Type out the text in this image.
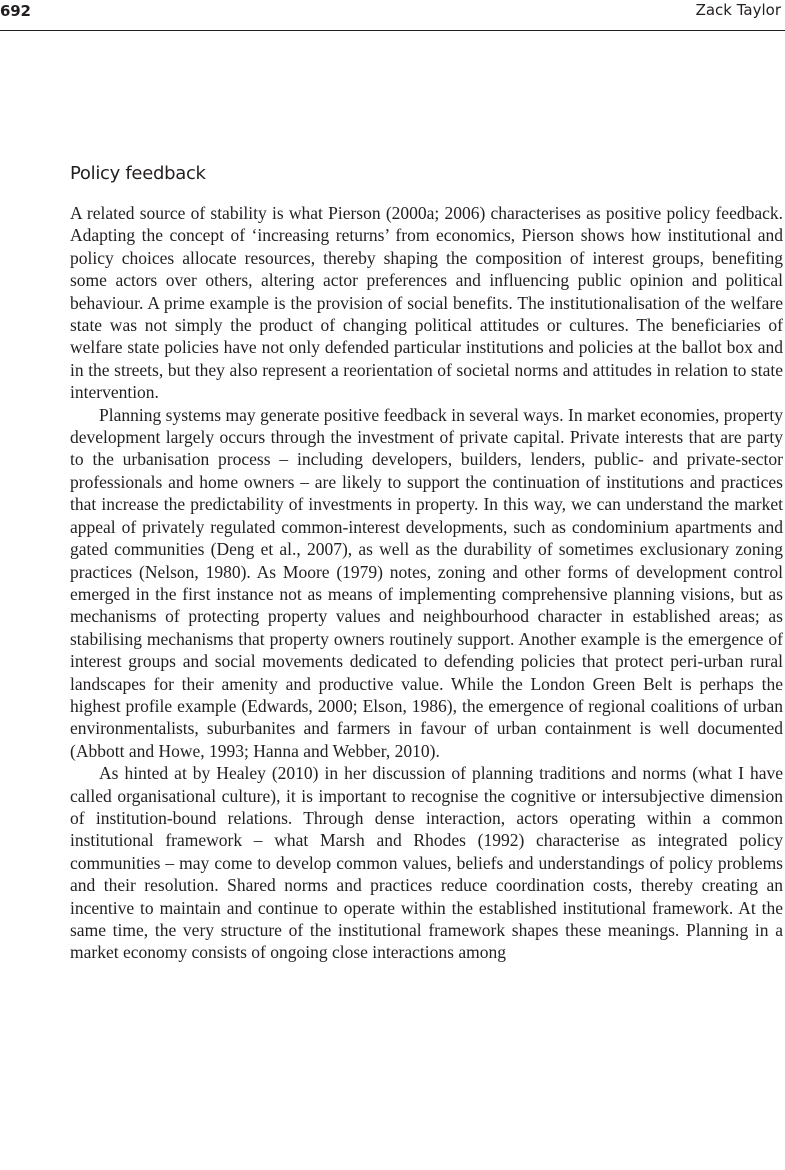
692	Zack Taylor
Policy feedback

A related source of stability is what Pierson (2000a; 2006) characterises as positive policy feedback. Adapting the concept of ‘increasing returns’ from economics, Pierson shows how institutional and policy choices allocate resources, thereby shaping the composition of interest groups, benefiting some actors over others, altering actor preferences and influencing public opinion and political behaviour. A prime example is the provision of social benefits. The institutionalisation of the welfare state was not simply the product of changing political attitudes or cultures. The beneficiaries of welfare state policies have not only defended particular institutions and policies at the ballot box and in the streets, but they also represent a reorientation of societal norms and attitudes in relation to state intervention.

Planning systems may generate positive feedback in several ways. In market economies, property development largely occurs through the investment of private capital. Private interests that are party to the urbanisation process – including developers, builders, lenders, public- and private-sector professionals and home owners – are likely to support the continuation of institutions and practices that increase the predictability of investments in property. In this way, we can understand the market appeal of privately regulated common-interest developments, such as condominium apartments and gated communities (Deng et al., 2007), as well as the durability of sometimes exclusionary zoning practices (Nelson, 1980). As Moore (1979) notes, zoning and other forms of development control emerged in the first instance not as means of implementing comprehensive planning visions, but as mechanisms of protecting property values and neighbourhood character in established areas; as stabilising mechanisms that property owners routinely support. Another example is the emergence of interest groups and social movements dedicated to defending policies that protect peri-urban rural landscapes for their amenity and productive value. While the London Green Belt is perhaps the highest profile example (Edwards, 2000; Elson, 1986), the emergence of regional coalitions of urban environmentalists, suburbanites and farmers in favour of urban containment is well documented (Abbott and Howe, 1993; Hanna and Webber, 2010).

As hinted at by Healey (2010) in her discussion of planning traditions and norms (what I have called organisational culture), it is important to recognise the cognitive or intersubjective dimension of institution-bound relations. Through dense interaction, actors operating within a common institutional framework – what Marsh and Rhodes (1992) characterise as integrated policy communities – may come to develop common values, beliefs and understandings of policy problems and their resolution. Shared norms and practices reduce coordination costs, thereby creating an incentive to maintain and continue to operate within the established institutional framework. At the same time, the very structure of the institutional framework shapes these meanings. Planning in a market economy consists of ongoing close interactions among
